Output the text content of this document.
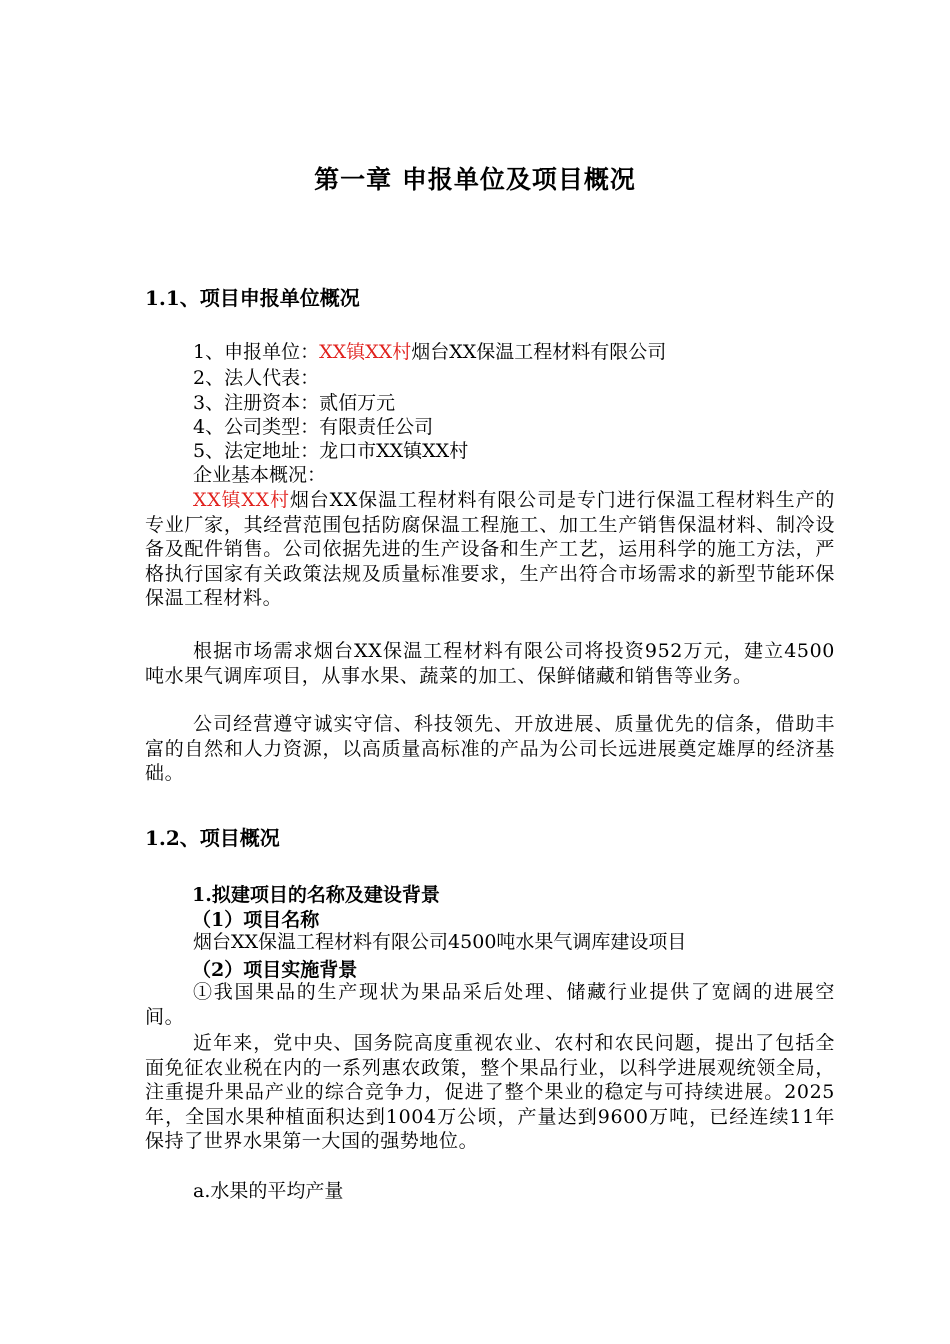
第一章 申报单位及项目概况
1.1、项目申报单位概况
1、申报单位：XX镇XX村烟台XX保温工程材料有限公司
2、法人代表：
3、注册资本：贰佰万元
4、公司类型：有限责任公司
5、法定地址：龙口市XX镇XX村
企业基本概况：
XX镇XX村烟台XX保温工程材料有限公司是专门进行保温工程材料生产的专业厂家，其经营范围包括防腐保温工程施工、加工生产销售保温材料、制冷设备及配件销售。公司依据先进的生产设备和生产工艺，运用科学的施工方法，严格执行国家有关政策法规及质量标准要求，生产出符合市场需求的新型节能环保保温工程材料。
根据市场需求烟台XX保温工程材料有限公司将投资952万元，建立4500吨水果气调库项目，从事水果、蔬菜的加工、保鲜储藏和销售等业务。
公司经营遵守诚实守信、科技领先、开放进展、质量优先的信条，借助丰富的自然和人力资源，以高质量高标准的产品为公司长远进展奠定雄厚的经济基础。
1.2、项目概况
1.拟建项目的名称及建设背景
（1）项目名称
烟台XX保温工程材料有限公司4500吨水果气调库建设项目
（2）项目实施背景
①我国果品的生产现状为果品采后处理、储藏行业提供了宽阔的进展空间。
近年来，党中央、国务院高度重视农业、农村和农民问题，提出了包括全面免征农业税在内的一系列惠农政策，整个果品行业，以科学进展观统领全局，注重提升果品产业的综合竞争力，促进了整个果业的稳定与可持续进展。2025年，全国水果种植面积达到1004万公顷，产量达到9600万吨，已经连续11年保持了世界水果第一大国的强势地位。
a.水果的平均产量
